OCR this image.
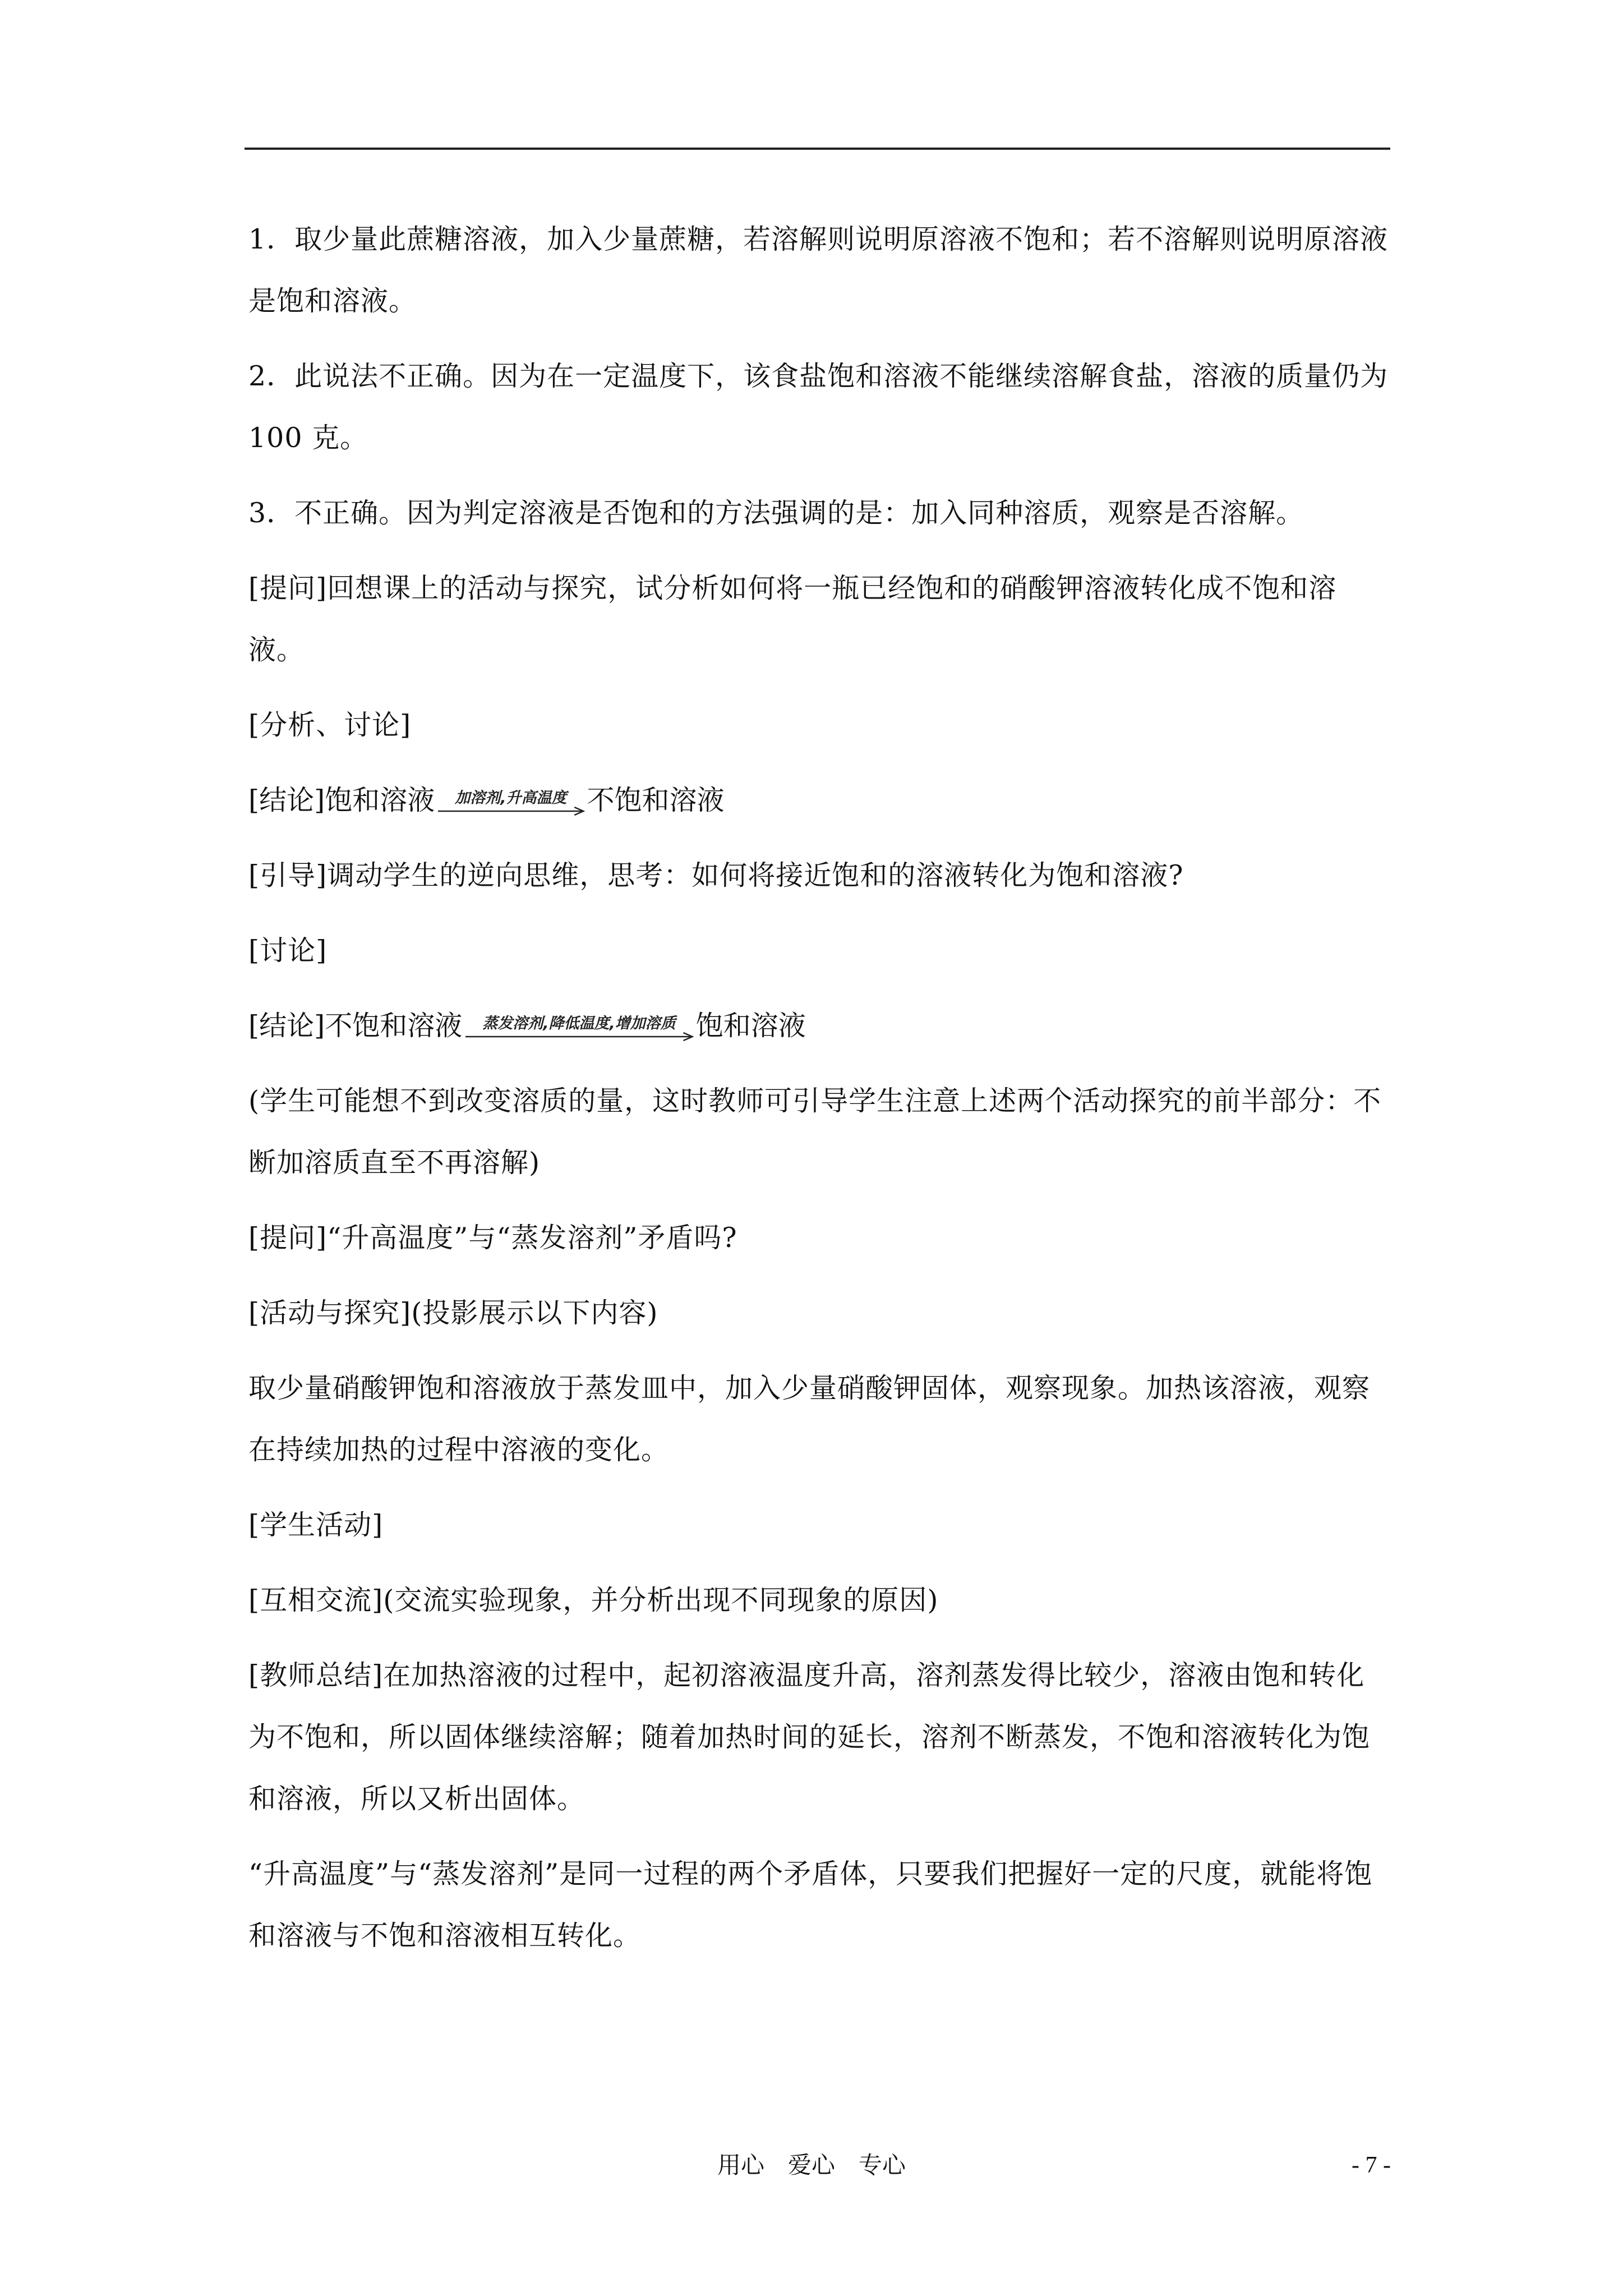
1．取少量此蔗糖溶液，加入少量蔗糖，若溶解则说明原溶液不饱和；若不溶解则说明原溶液是饱和溶液。

2．此说法不正确。因为在一定温度下，该食盐饱和溶液不能继续溶解食盐，溶液的质量仍为 100 克。

3．不正确。因为判定溶液是否饱和的方法强调的是：加入同种溶质，观察是否溶解。

[提问]回想课上的活动与探究，试分析如何将一瓶已经饱和的硝酸钾溶液转化成不饱和溶液。

[分析、讨论]

[结论]饱和溶液	加溶剂,升高温度 不饱和溶液

[引导]调动学生的逆向思维，思考：如何将接近饱和的溶液转化为饱和溶液?

[讨论]

[结论]不饱和溶液	蒸发溶剂,降低温度,增加溶质 饱和溶液

(学生可能想不到改变溶质的量，这时教师可引导学生注意上述两个活动探究的前半部分：不断加溶质直至不再溶解)

[提问]“升高温度”与“蒸发溶剂”矛盾吗?

[活动与探究](投影展示以下内容)

取少量硝酸钾饱和溶液放于蒸发皿中，加入少量硝酸钾固体，观察现象。加热该溶液，观察在持续加热的过程中溶液的变化。

[学生活动]

[互相交流](交流实验现象，并分析出现不同现象的原因)

[教师总结]在加热溶液的过程中，起初溶液温度升高，溶剂蒸发得比较少，溶液由饱和转化为不饱和，所以固体继续溶解；随着加热时间的延长，溶剂不断蒸发，不饱和溶液转化为饱和溶液，所以又析出固体。

“升高温度”与“蒸发溶剂”是同一过程的两个矛盾体，只要我们把握好一定的尺度，就能将饱和溶液与不饱和溶液相互转化。

用心　爱心　专心	- 7 -
